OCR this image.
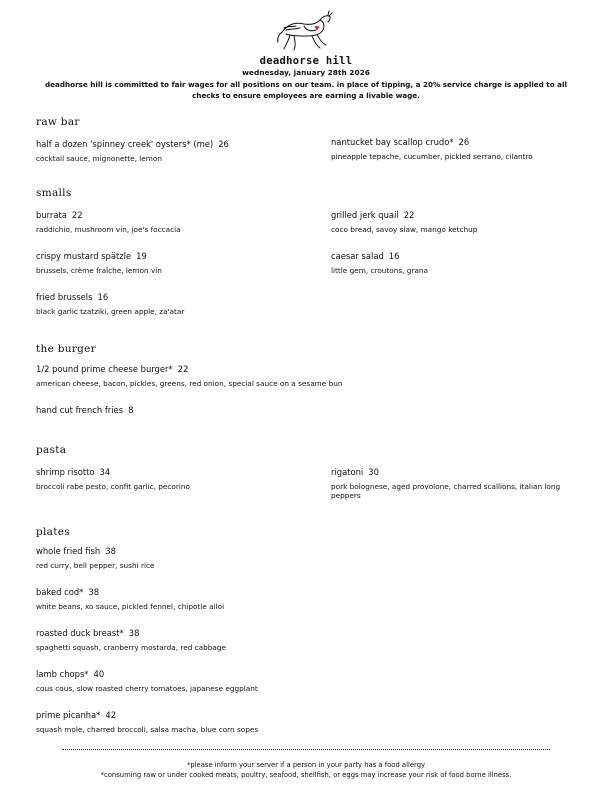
deadhorse hill
wednesday, january 28th 2026
deadhorse hill is committed to fair wages for all positions on our team. in place of tipping, a 20% service charge is applied to all checks to ensure employees are earning a livable wage.
raw bar
half a dozen 'spinney creek' oysters* (me) 26
cocktail sauce, mignonette, lemon
nantucket bay scallop crudo* 26
pineapple tepache, cucumber, pickled serrano, cilantro
smalls
burrata 22
raddichio, mushroom vin, joe's foccacia
grilled jerk quail 22
coco bread, savoy slaw, mango ketchup
crispy mustard spätzle 19
brussels, crème fraîche, lemon vin
caesar salad 16
little gem, croutons, grana
fried brussels 16
black garlic tzatziki, green apple, za'atar
the burger
1/2 pound prime cheese burger* 22
american cheese, bacon, pickles, greens, red onion, special sauce on a sesame bun
hand cut french fries 8
pasta
shrimp risotto 34
broccoli rabe pesto, confit garlic, pecorino
rigatoni 30
pork bolognese, aged provolone, charred scallions, italian long peppers
plates
whole fried fish 38
red curry, bell pepper, sushi rice
baked cod* 38
white beans, xo sauce, pickled fennel, chipotle ailoi
roasted duck breast* 38
spaghetti squash, cranberry mostarda, red cabbage
lamb chops* 40
cous cous, slow roasted cherry tomatoes, japanese eggplant
prime picanha* 42
squash mole, charred broccoli, salsa macha, blue corn sopes
*please inform your server if a person in your party has a food allergy
*consuming raw or under cooked meats, poultry, seafood, shellfish, or eggs may increase your risk of food borne illness.
